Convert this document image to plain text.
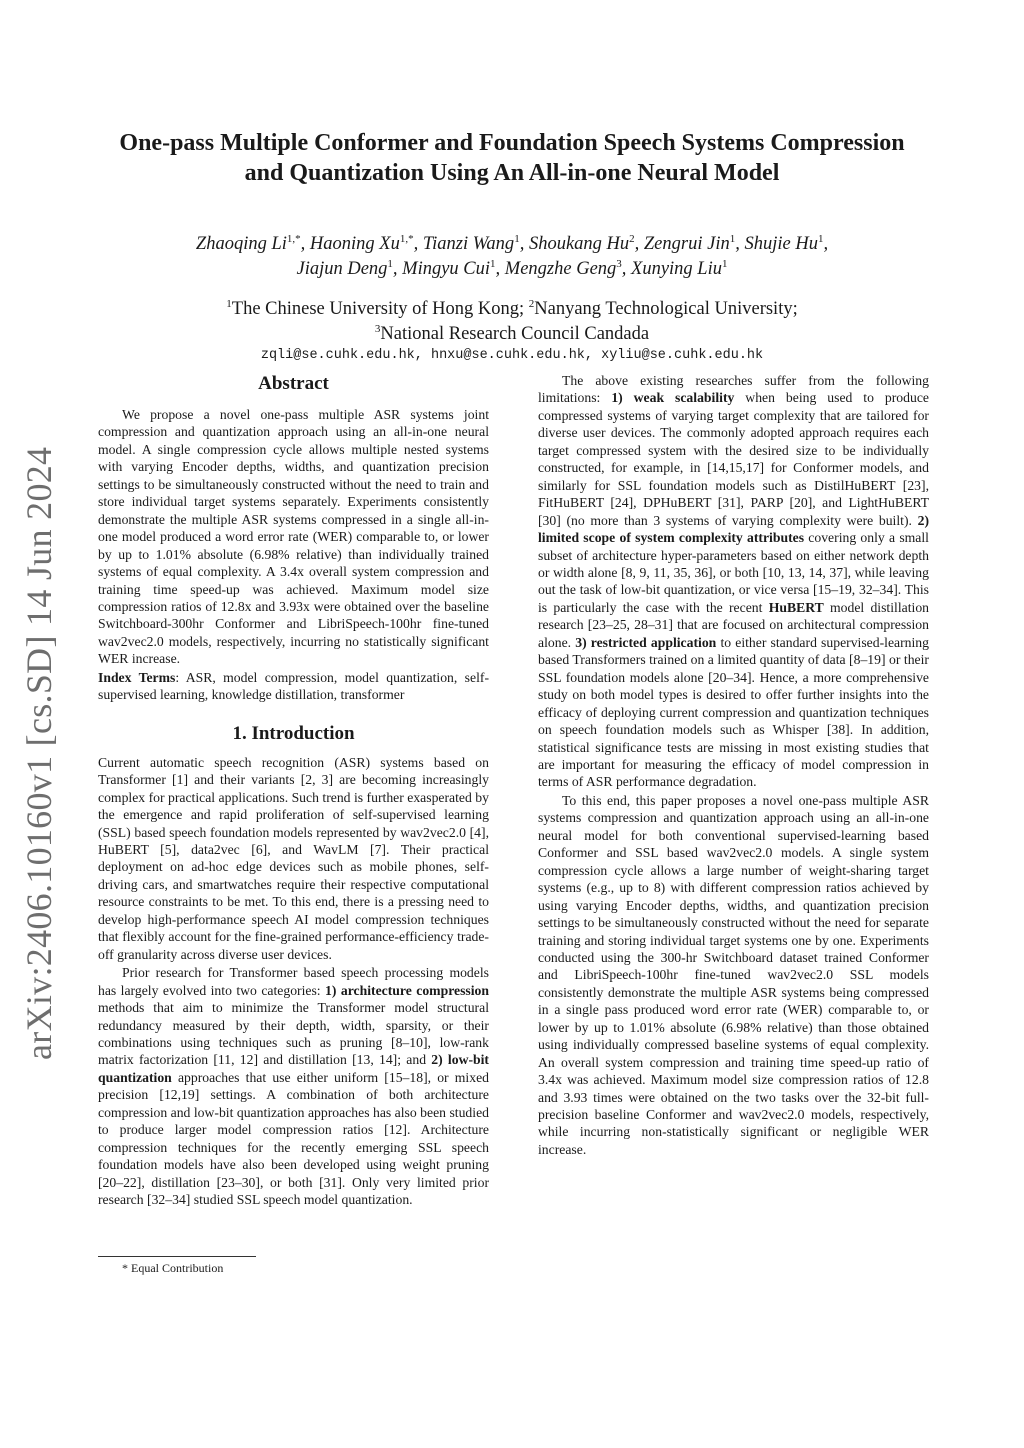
arXiv:2406.10160v1 [cs.SD] 14 Jun 2024
One-pass Multiple Conformer and Foundation Speech Systems Compression
and Quantization Using An All-in-one Neural Model
Zhaoqing $Li^{1,*}$, Haoning $Xu^{1,*}$, Tianzi Wang$^1$, Shoukang Hu$^2$, Zengrui Jin$^1$, Shujie Hu$^1$,
Jiajun Deng$^1$, Mingyu Cui$^1$, Mengzhe Geng$^3$, Xunying Liu$^1$
$^1$The Chinese University of Hong Kong; $^2$Nanyang Technological University;
$^3$National Research Council Candada
zqli@se.cuhk.edu.hk, hnxu@se.cuhk.edu.hk, xyliu@se.cuhk.edu.hk
Abstract

We propose a novel one-pass multiple ASR systems joint compression and quantization approach using an all-in-one neural model. A single compression cycle allows multiple nested systems with varying Encoder depths, widths, and quantization precision settings to be simultaneously constructed without the need to train and store individual target systems separately. Experiments consistently demonstrate the multiple ASR systems compressed in a single all-in-one model produced a word error rate (WER) comparable to, or lower by up to 1.01% absolute (6.98% relative) than individually trained systems of equal complexity. A 3.4x overall system compression and training time speed-up was achieved. Maximum model size compression ratios of 12.8x and 3.93x were obtained over the baseline Switchboard-300hr Conformer and LibriSpeech-100hr fine-tuned wav2vec2.0 models, respectively, incurring no statistically significant WER increase.

Index Terms: ASR, model compression, model quantization, self-supervised learning, knowledge distillation, transformer

1. Introduction

Current automatic speech recognition (ASR) systems based on Transformer [1] and their variants [2, 3] are becoming increasingly complex for practical applications. Such trend is further exasperated by the emergence and rapid proliferation of self-supervised learning (SSL) based speech foundation models represented by wav2vec2.0 [4], HuBERT [5], data2vec [6], and WavLM [7]. Their practical deployment on ad-hoc edge devices such as mobile phones, self-driving cars, and smartwatches require their respective computational resource constraints to be met. To this end, there is a pressing need to develop high-performance speech AI model compression techniques that flexibly account for the fine-grained performance-efficiency trade-off granularity across diverse user devices.

Prior research for Transformer based speech processing models has largely evolved into two categories: 1) architecture compression methods that aim to minimize the Transformer model structural redundancy measured by their depth, width, sparsity, or their combinations using techniques such as pruning [8–10], low-rank matrix factorization [11, 12] and distillation [13, 14]; and 2) low-bit quantization approaches that use either uniform [15–18], or mixed precision [12,19] settings. A combination of both architecture compression and low-bit quantization approaches has also been studied to produce larger model compression ratios [12]. Architecture compression techniques for the recently emerging SSL speech foundation models have also been developed using weight pruning [20–22], distillation [23–30], or both [31]. Only very limited prior research [32–34] studied SSL speech model quantization.

The above existing researches suffer from the following limitations: 1) weak scalability when being used to produce compressed systems of varying target complexity that are tailored for diverse user devices. The commonly adopted approach requires each target compressed system with the desired size to be individually constructed, for example, in [14,15,17] for Conformer models, and similarly for SSL foundation models such as DistilHuBERT [23], FitHuBERT [24], DPHuBERT [31], PARP [20], and LightHuBERT [30] (no more than 3 systems of varying complexity were built). 2) limited scope of system complexity attributes covering only a small subset of architecture hyper-parameters based on either network depth or width alone [8, 9, 11, 35, 36], or both [10, 13, 14, 37], while leaving out the task of low-bit quantization, or vice versa [15–19, 32–34]. This is particularly the case with the recent HuBERT model distillation research [23–25, 28–31] that are focused on architectural compression alone. 3) restricted application to either standard supervised-learning based Transformers trained on a limited quantity of data [8–19] or their SSL foundation models alone [20–34]. Hence, a more comprehensive study on both model types is desired to offer further insights into the efficacy of deploying current compression and quantization techniques on speech foundation models such as Whisper [38]. In addition, statistical significance tests are missing in most existing studies that are important for measuring the efficacy of model compression in terms of ASR performance degradation.

To this end, this paper proposes a novel one-pass multiple ASR systems compression and quantization approach using an all-in-one neural model for both conventional supervised-learning based Conformer and SSL based wav2vec2.0 models. A single system compression cycle allows a large number of weight-sharing target systems (e.g., up to 8) with different compression ratios achieved by using varying Encoder depths, widths, and quantization precision settings to be simultaneously constructed without the need for separate training and storing individual target systems one by one. Experiments conducted using the 300-hr Switchboard dataset trained Conformer and LibriSpeech-100hr fine-tuned wav2vec2.0 SSL models consistently demonstrate the multiple ASR systems being compressed in a single pass produced word error rate (WER) comparable to, or lower by up to 1.01% absolute (6.98% relative) than those obtained using individually compressed baseline systems of equal complexity. An overall system compression and training time speed-up ratio of 3.4x was achieved. Maximum model size compression ratios of 12.8 and 3.93 times were obtained on the two tasks over the 32-bit full-precision baseline Conformer and wav2vec2.0 models, respectively, while incurring non-statistically significant or negligible WER increase.

* Equal Contribution
